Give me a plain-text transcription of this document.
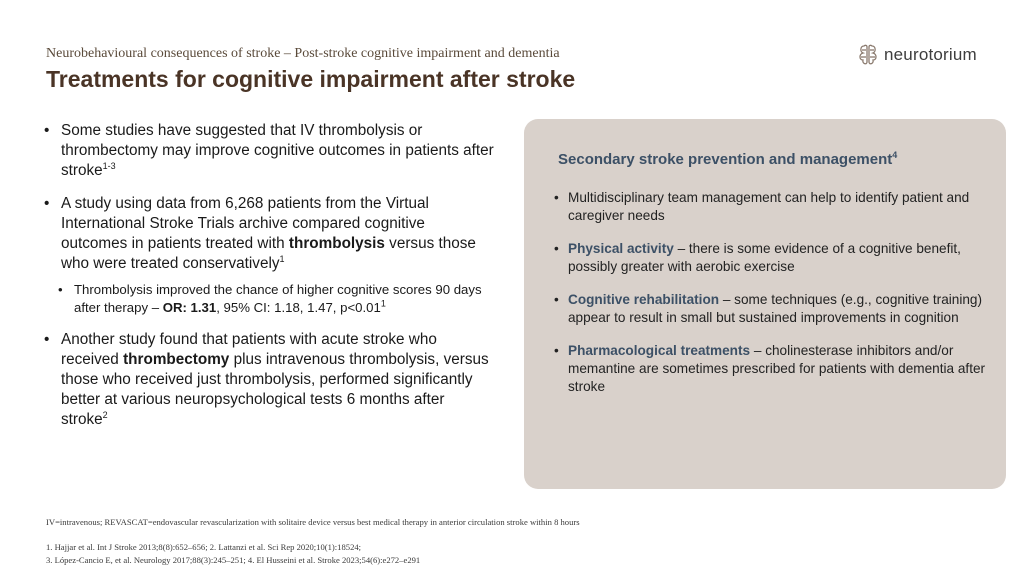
Neurobehavioural consequences of stroke – Post-stroke cognitive impairment and dementia
Treatments for cognitive impairment after stroke
neurotorium
• Some studies have suggested that IV thrombolysis or thrombectomy may improve cognitive outcomes in patients after stroke$^{1-3}$
• A study using data from 6,268 patients from the Virtual International Stroke Trials archive compared cognitive outcomes in patients treated with thrombolysis versus those who were treated conservatively$^1$
• Thrombolysis improved the chance of higher cognitive scores 90 days after therapy – OR: 1.31, 95% CI: 1.18, 1.47, $p<0.01^1$
• Another study found that patients with acute stroke who received thrombectomy plus intravenous thrombolysis, versus those who received just thrombolysis, performed significantly better at various neuropsychological tests 6 months after stroke$^2$
Secondary stroke prevention and management$^4$
• Multidisciplinary team management can help to identify patient and caregiver needs
• Physical activity – there is some evidence of a cognitive benefit, possibly greater with aerobic exercise
• Cognitive rehabilitation – some techniques (e.g., cognitive training) appear to result in small but sustained improvements in cognition
• Pharmacological treatments – cholinesterase inhibitors and/or memantine are sometimes prescribed for patients with dementia after stroke
IV=intravenous; REVASCAT=endovascular revascularization with solitaire device versus best medical therapy in anterior circulation stroke within 8 hours
1. Hajjar et al. Int J Stroke 2013;8(8):652–656; 2. Lattanzi et al. Sci Rep 2020;10(1):18524;
3. López-Cancio E, et al. Neurology 2017;88(3):245–251; 4. El Husseini et al. Stroke 2023;54(6):e272–e291
